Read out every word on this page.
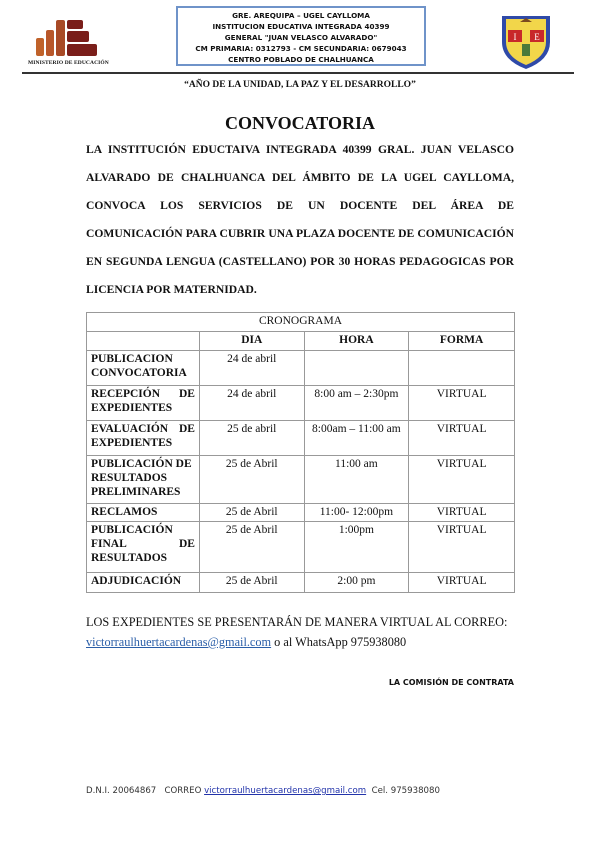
MINISTERIO DE EDUCACIÓN
GRE. AREQUIPA – UGEL CAYLLOMA
INSTITUCION EDUCATIVA INTEGRADA 40399
GENERAL "JUAN VELASCO ALVARADO"
CM PRIMARIA: 0312793 - CM SECUNDARIA: 0679043
CENTRO POBLADO DE CHALHUANCA
I E
“AÑO DE LA UNIDAD, LA PAZ Y EL DESARROLLO”
CONVOCATORIA

LA INSTITUCIÓN EDUCTAIVA INTEGRADA 40399 GRAL. JUAN VELASCO ALVARADO DE CHALHUANCA DEL ÁMBITO DE LA UGEL CAYLLOMA, CONVOCA LOS SERVICIOS DE UN DOCENTE DEL ÁREA DE COMUNICACIÓN PARA CUBRIR UNA PLAZA DOCENTE DE COMUNICACIÓN EN SEGUNDA LENGUA (CASTELLANO) POR 30 HORAS PEDAGOGICAS POR LICENCIA POR MATERNIDAD.

CRONOGRAMA			
	DIA	HORA	FORMA
PUBLICACION CONVOCATORIA	24 de abril		
RECEPCIÓN DE EXPEDIENTES	24 de abril	8:00 am – 2:30pm	VIRTUAL
EVALUACIÓN DE EXPEDIENTES	25 de abril	8:00am – 11:00 am	VIRTUAL
PUBLICACIÓN DE RESULTADOS PRELIMINARES	25 de Abril	11:00 am	VIRTUAL
RECLAMOS	25 de Abril	11:00- 12:00pm	VIRTUAL
PUBLICACIÓN FINAL DE RESULTADOS	25 de Abril	1:00pm	VIRTUAL
ADJUDICACIÓN	25 de Abril	2:00 pm	VIRTUAL
LOS EXPEDIENTES SE PRESENTARÁN DE MANERA VIRTUAL AL CORREO:
victorraulhuertacardenas@gmail.com o al WhatsApp 975938080
LA COMISIÓN DE CONTRATA
D.N.I. 20064867   CORREO victorraulhuertacardenas@gmail.com  Cel. 975938080
